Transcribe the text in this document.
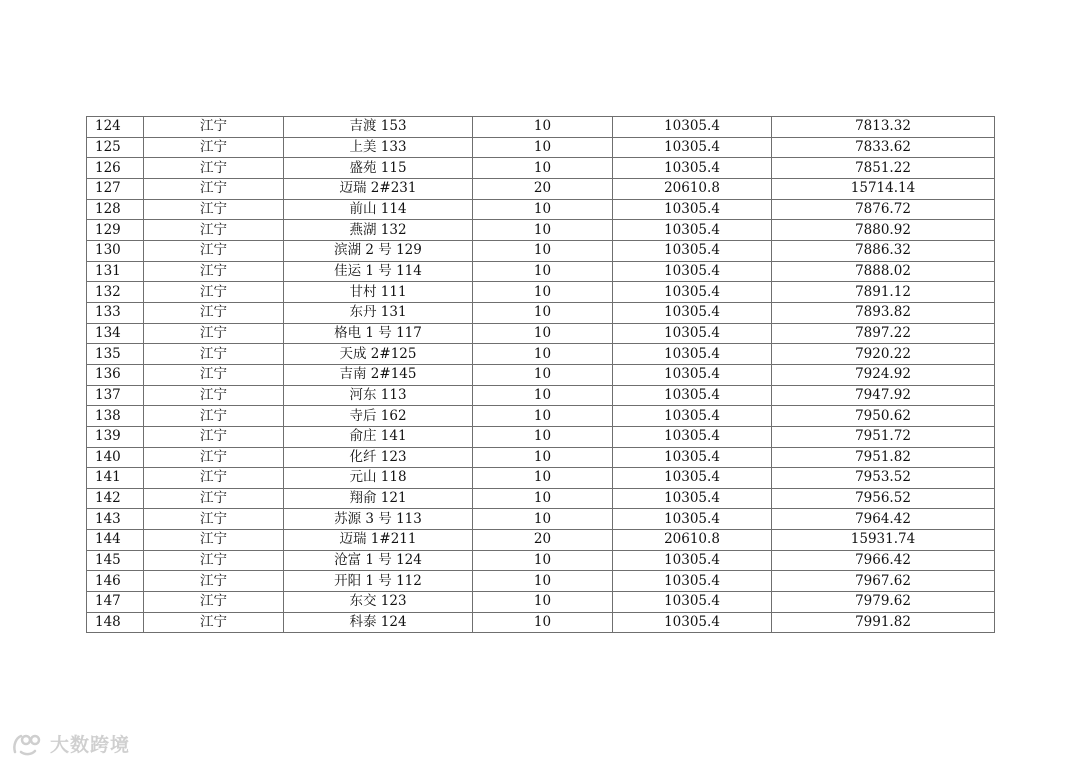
124	江宁	吉渡 153	10	10305.4	7813.32
125	江宁	上美 133	10	10305.4	7833.62
126	江宁	盛苑 115	10	10305.4	7851.22
127	江宁	迈瑞 2#231	20	20610.8	15714.14
128	江宁	前山 114	10	10305.4	7876.72
129	江宁	燕湖 132	10	10305.4	7880.92
130	江宁	滨湖 2 号 129	10	10305.4	7886.32
131	江宁	佳运 1 号 114	10	10305.4	7888.02
132	江宁	甘村 111	10	10305.4	7891.12
133	江宁	东丹 131	10	10305.4	7893.82
134	江宁	格电 1 号 117	10	10305.4	7897.22
135	江宁	天成 2#125	10	10305.4	7920.22
136	江宁	吉南 2#145	10	10305.4	7924.92
137	江宁	河东 113	10	10305.4	7947.92
138	江宁	寺后 162	10	10305.4	7950.62
139	江宁	俞庄 141	10	10305.4	7951.72
140	江宁	化纤 123	10	10305.4	7951.82
141	江宁	元山 118	10	10305.4	7953.52
142	江宁	翔俞 121	10	10305.4	7956.52
143	江宁	苏源 3 号 113	10	10305.4	7964.42
144	江宁	迈瑞 1#211	20	20610.8	15931.74
145	江宁	沧富 1 号 124	10	10305.4	7966.42
146	江宁	开阳 1 号 112	10	10305.4	7967.62
147	江宁	东交 123	10	10305.4	7979.62
148	江宁	科泰 124	10	10305.4	7991.82
大数跨境
